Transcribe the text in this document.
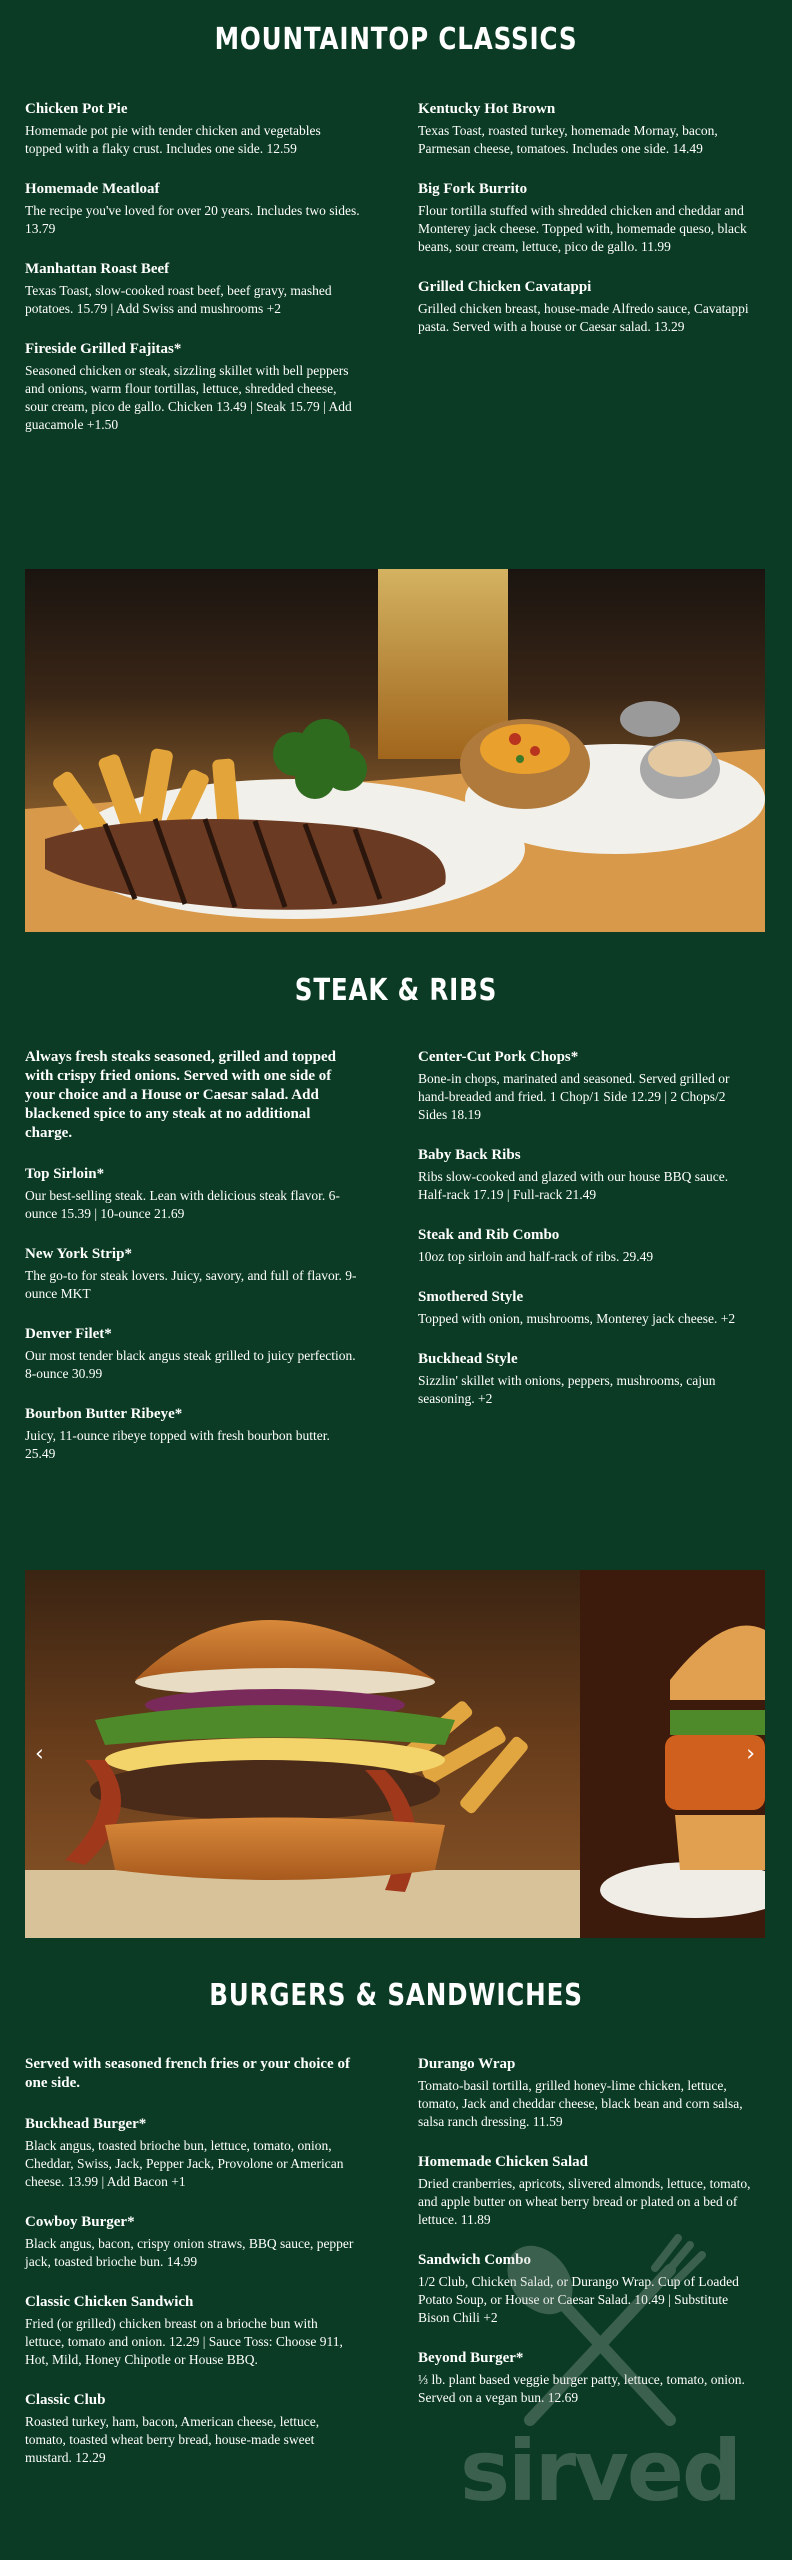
MOUNTAINTOP CLASSICS
Chicken Pot Pie
Homemade pot pie with tender chicken and vegetables topped with a flaky crust. Includes one side. 12.59
Homemade Meatloaf
The recipe you've loved for over 20 years. Includes two sides. 13.79
Manhattan Roast Beef
Texas Toast, slow-cooked roast beef, beef gravy, mashed potatoes. 15.79 | Add Swiss and mushrooms +2
Fireside Grilled Fajitas*
Seasoned chicken or steak, sizzling skillet with bell peppers and onions, warm flour tortillas, lettuce, shredded cheese, sour cream, pico de gallo. Chicken 13.49 | Steak 15.79 | Add guacamole +1.50
Kentucky Hot Brown
Texas Toast, roasted turkey, homemade Mornay, bacon, Parmesan cheese, tomatoes. Includes one side. 14.49
Big Fork Burrito
Flour tortilla stuffed with shredded chicken and cheddar and Monterey jack cheese. Topped with, homemade queso, black beans, sour cream, lettuce, pico de gallo. 11.99
Grilled Chicken Cavatappi
Grilled chicken breast, house-made Alfredo sauce, Cavatappi pasta. Served with a house or Caesar salad. 13.29
STEAK & RIBS
Always fresh steaks seasoned, grilled and topped with crispy fried onions. Served with one side of your choice and a House or Caesar salad. Add blackened spice to any steak at no additional charge.
Top Sirloin*
Our best-selling steak. Lean with delicious steak flavor. 6-ounce 15.39 | 10-ounce 21.69
New York Strip*
The go-to for steak lovers. Juicy, savory, and full of flavor. 9-ounce MKT
Denver Filet*
Our most tender black angus steak grilled to juicy perfection. 8-ounce 30.99
Bourbon Butter Ribeye*
Juicy, 11-ounce ribeye topped with fresh bourbon butter. 25.49
Center-Cut Pork Chops*
Bone-in chops, marinated and seasoned. Served grilled or hand-breaded and fried. 1 Chop/1 Side 12.29 | 2 Chops/2 Sides 18.19
Baby Back Ribs
Ribs slow-cooked and glazed with our house BBQ sauce. Half-rack 17.19 | Full-rack 21.49
Steak and Rib Combo
10oz top sirloin and half-rack of ribs. 29.49
Smothered Style
Topped with onion, mushrooms, Monterey jack cheese. +2
Buckhead Style
Sizzlin' skillet with onions, peppers, mushrooms, cajun seasoning. +2
‹	›
BURGERS & SANDWICHES
Served with seasoned french fries or your choice of one side.
Buckhead Burger*
Black angus, toasted brioche bun, lettuce, tomato, onion, Cheddar, Swiss, Jack, Pepper Jack, Provolone or American cheese. 13.99 | Add Bacon +1
Cowboy Burger*
Black angus, bacon, crispy onion straws, BBQ sauce, pepper jack, toasted brioche bun. 14.99
Classic Chicken Sandwich
Fried (or grilled) chicken breast on a brioche bun with lettuce, tomato and onion. 12.29 | Sauce Toss: Choose 911, Hot, Mild, Honey Chipotle or House BBQ.
Classic Club
Roasted turkey, ham, bacon, American cheese, lettuce, tomato, toasted wheat berry bread, house-made sweet mustard. 12.29
Durango Wrap
Tomato-basil tortilla, grilled honey-lime chicken, lettuce, tomato, Jack and cheddar cheese, black bean and corn salsa, salsa ranch dressing. 11.59
Homemade Chicken Salad
Dried cranberries, apricots, slivered almonds, lettuce, tomato, and apple butter on wheat berry bread or plated on a bed of lettuce. 11.89
Sandwich Combo
1/2 Club, Chicken Salad, or Durango Wrap. Cup of Loaded Potato Soup, or House or Caesar Salad. 10.49 | Substitute Bison Chili +2
Beyond Burger*
⅓ lb. plant based veggie burger patty, lettuce, tomato, onion. Served on a vegan bun. 12.69
sirved
